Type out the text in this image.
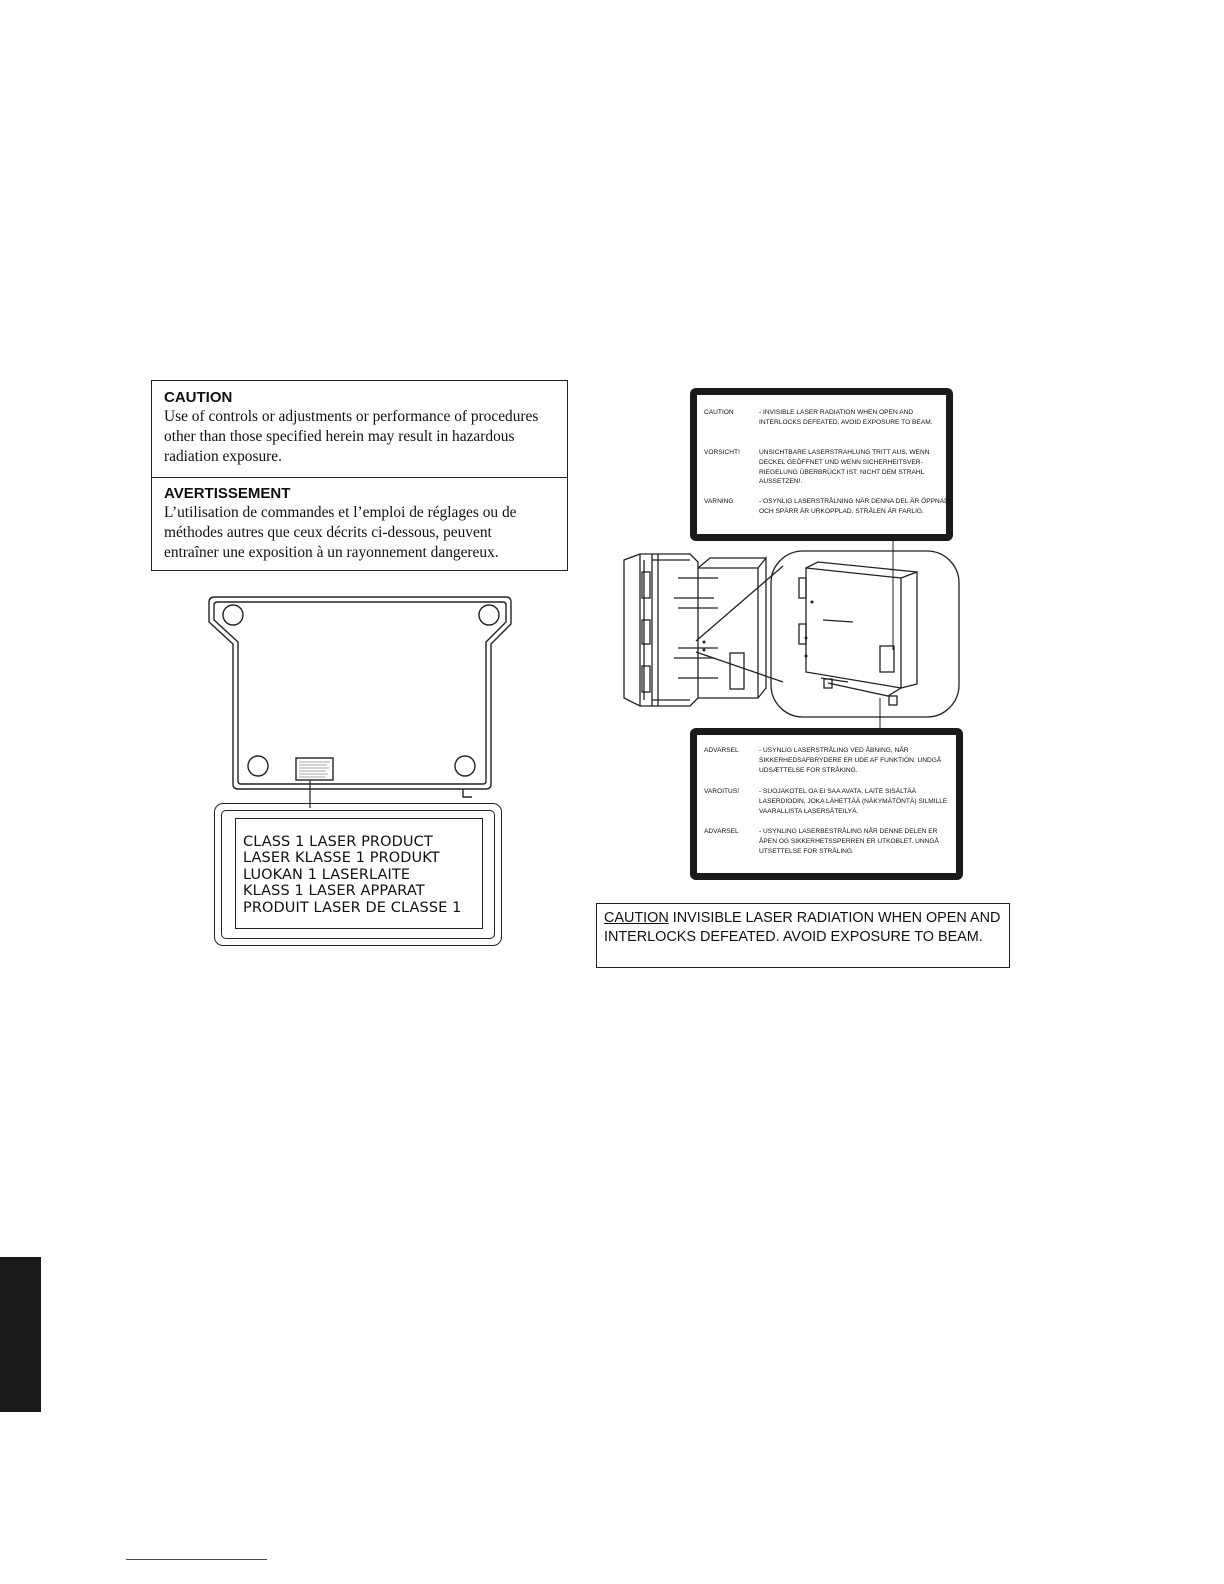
CAUTION
Use of controls or adjustments or performance of procedures
other than those specified herein may result in hazardous
radiation exposure.
AVERTISSEMENT
L’utilisation de commandes et l’emploi de réglages ou de
méthodes autres que ceux décrits ci-dessous, peuvent
entraîner une exposition à un rayonnement dangereux.
CLASS 1 LASER PRODUCT
LASER KLASSE 1 PRODUKT
LUOKAN 1 LASERLAITE
KLASS 1 LASER APPARAT
PRODUIT LASER DE CLASSE 1
CAUTION	- INVISIBLE LASER RADIATION WHEN OPEN AND INTERLOCKS DEFEATED, AVOID EXPOSURE TO BEAM.
VORSICHT!	UNSICHTBARE LASERSTRAHLUNG TRITT AUS, WENN DECKEL GEÖFFNET UND WENN SICHERHEITSVER-RIEGELUNG ÜBERBRÜCKT IST. NICHT DEM STRAHL AUSSETZEN!.
VARNING	- OSYNLIG LASERSTRÅLNING NÄR DENNA DEL ÄR ÖPPNAD OCH SPÄRR ÄR URKOPPLAD. STRÅLEN ÄR FARLIG.
ADVARSEL	- USYNLIG LASERSTRÅLING VED ÅBNING, NÅR SIKKERHEDSAFBRYDERE ER UDE AF FUNKTION. UNDGÅ UDSÆTTELSE FOR STRÅKING.
VAROITUS!	- SUOJAKOTEL OA EI SAA AVATA, LAITE SISÄLTÄÄ LASERDIODIN, JOKA LÄHETTÄÄ (NÄKYMÄTÖNTÄ) SILMILLE VAARALLISTA LASERSÄTEILYÄ.
ADVARSEL	- USYNLING LASERBESTRÅLING NÅR DENNE DELEN ER ÅPEN OG SIKKERHETSSPERREN ER UTKOBLET. UNNGÅ UTSETTELSE FOR STRÅLING.
CAUTION INVISIBLE LASER RADIATION WHEN OPEN AND INTERLOCKS DEFEATED. AVOID EXPOSURE TO BEAM.
